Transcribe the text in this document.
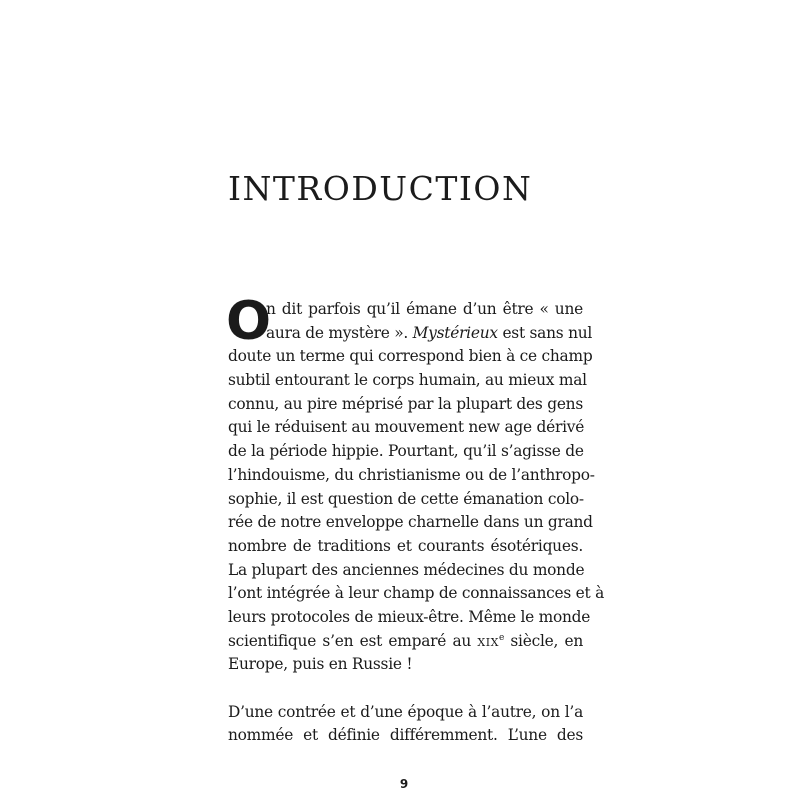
INTRODUCTION
O
n dit parfois qu’il émane d’un être « une
aura de mystère ». Mystérieux est sans nul
doute un terme qui correspond bien à ce champ
subtil entourant le corps humain, au mieux mal
connu, au pire méprisé par la plupart des gens
qui le réduisent au mouvement new age dérivé
de la période hippie. Pourtant, qu’il s’agisse de
l’hindouisme, du christianisme ou de l’anthropo-
sophie, il est question de cette émanation colo-
rée de notre enveloppe charnelle dans un grand
nombre de traditions et courants ésotériques.
La plupart des anciennes médecines du monde
l’ont intégrée à leur champ de connaissances et à
leurs protocoles de mieux-être. Même le monde
scientifique s’en est emparé au xix$^e$ siècle, en
Europe, puis en Russie !
D’une contrée et d’une époque à l’autre, on l’a
nommée et définie différemment. L’une des
9
